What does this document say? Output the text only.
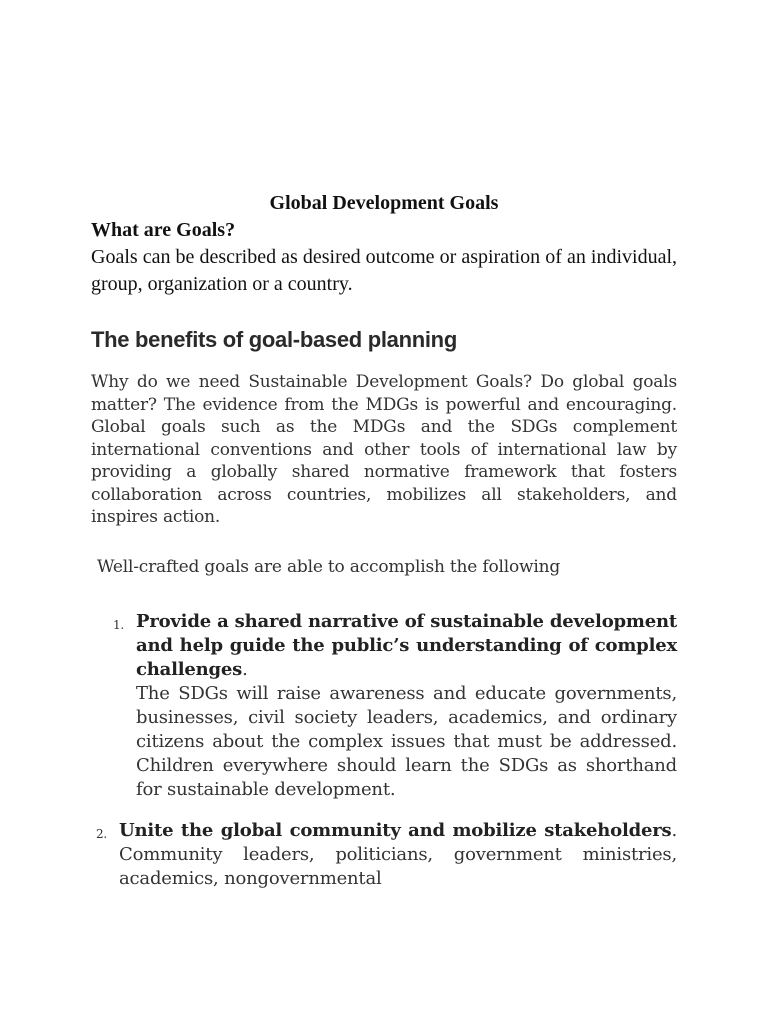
Global Development Goals
What are Goals?

Goals can be described as desired outcome or aspiration of an individual, group, organization or a country.

The benefits of goal-based planning

Why do we need Sustainable Development Goals? Do global goals matter? The evidence from the MDGs is powerful and encouraging. Global goals such as the MDGs and the SDGs complement international conventions and other tools of international law by providing a globally shared normative framework that fosters collaboration across countries, mobilizes all stakeholders, and inspires action.

Well-crafted goals are able to accomplish the following

1. Provide a shared narrative of sustainable development and help guide the public’s understanding of complex challenges.
The SDGs will raise awareness and educate governments, businesses, civil society leaders, academics, and ordinary citizens about the complex issues that must be addressed. Children everywhere should learn the SDGs as shorthand for sustainable development.
2. Unite the global community and mobilize stakeholders. Community leaders, politicians, government ministries, academics, nongovernmental
